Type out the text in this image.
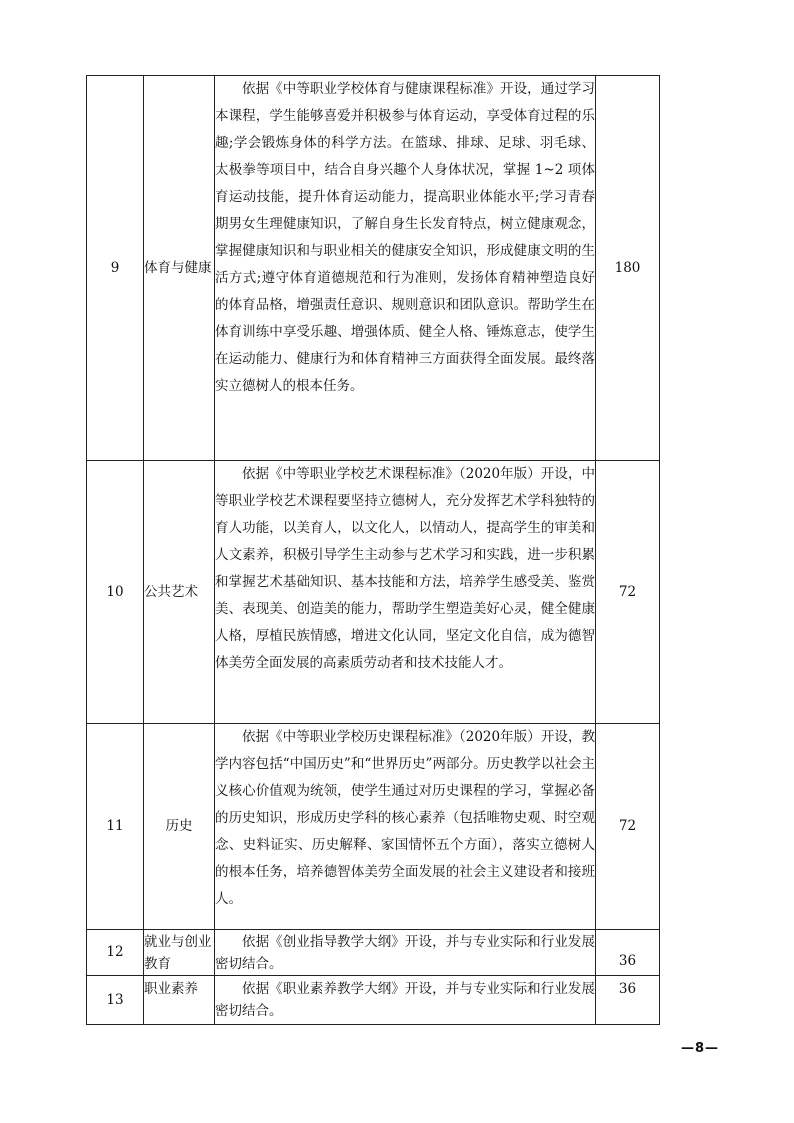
9	体育与健康	依据《中等职业学校体育与健康课程标准》开设，通过学习本课程，学生能够喜爱并积极参与体育运动，享受体育过程的乐趣;学会锻炼身体的科学方法。在篮球、排球、足球、羽毛球、太极拳等项目中，结合自身兴趣个人身体状况，掌握 1~2 项体育运动技能，提升体育运动能力，提高职业体能水平;学习青春期男女生理健康知识，了解自身生长发育特点，树立健康观念，掌握健康知识和与职业相关的健康安全知识，形成健康文明的生活方式;遵守体育道德规范和行为准则，发扬体育精神塑造良好的体育品格，增强责任意识、规则意识和团队意识。帮助学生在体育训练中享受乐趣、增强体质、健全人格、锤炼意志，使学生在运动能力、健康行为和体育精神三方面获得全面发展。最终落实立德树人的根本任务。	180
10	公共艺术	依据《中等职业学校艺术课程标准》（2020年版）开设，中等职业学校艺术课程要坚持立德树人，充分发挥艺术学科独特的育人功能，以美育人，以文化人，以情动人，提高学生的审美和人文素养，积极引导学生主动参与艺术学习和实践，进一步积累和掌握艺术基础知识、基本技能和方法，培养学生感受美、鉴赏美、表现美、创造美的能力，帮助学生塑造美好心灵，健全健康人格，厚植民族情感，增进文化认同，坚定文化自信，成为德智体美劳全面发展的高素质劳动者和技术技能人才。	72
11	历史	依据《中等职业学校历史课程标准》（2020年版）开设，教学内容包括“中国历史”和“世界历史”两部分。历史教学以社会主义核心价值观为统领，使学生通过对历史课程的学习，掌握必备的历史知识，形成历史学科的核心素养（包括唯物史观、时空观念、史料证实、历史解释、家国情怀五个方面），落实立德树人的根本任务，培养德智体美劳全面发展的社会主义建设者和接班人。	72
12	就业与创业教育	依据《创业指导教学大纲》开设，并与专业实际和行业发展密切结合。	36
13	职业素养	依据《职业素养教学大纲》开设，并与专业实际和行业发展密切结合。	36
—8—
